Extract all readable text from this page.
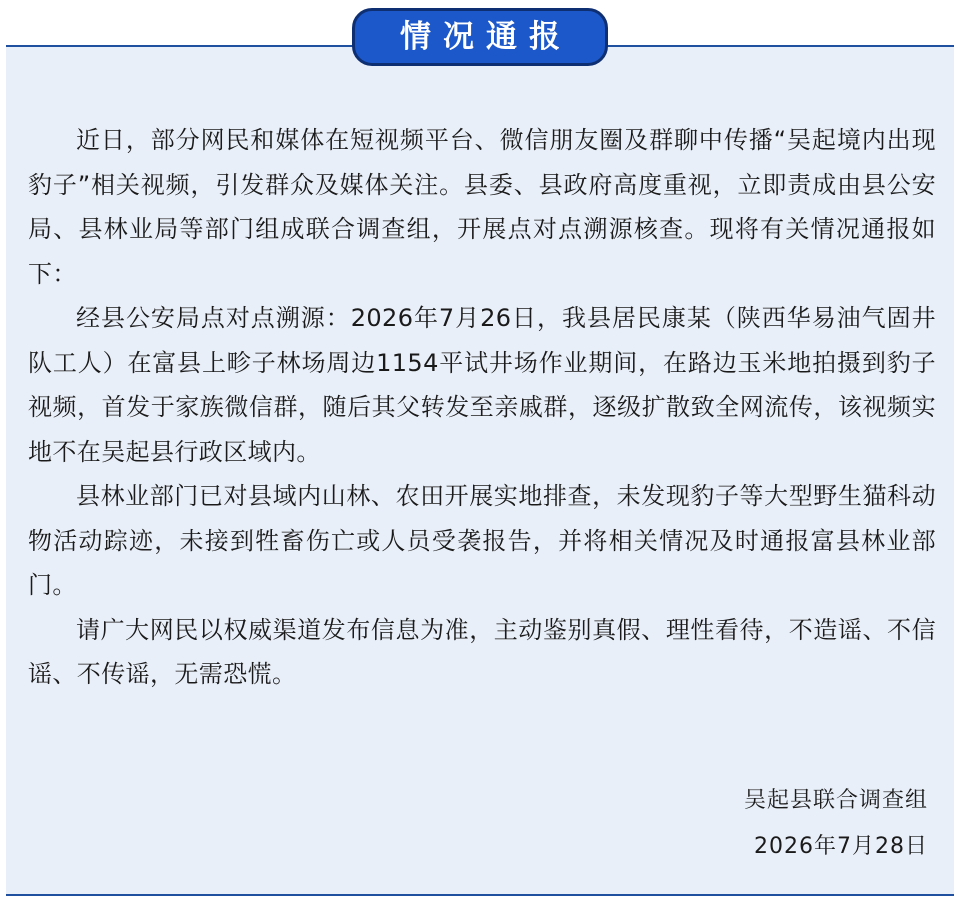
情况通报

近日，部分网民和媒体在短视频平台、微信朋友圈及群聊中传播“吴起境内出现豹子”相关视频，引发群众及媒体关注。县委、县政府高度重视，立即责成由县公安局、县林业局等部门组成联合调查组，开展点对点溯源核查。现将有关情况通报如下：

经县公安局点对点溯源：2026年7月26日，我县居民康某（陕西华易油气固井队工人）在富县上畛子林场周边1154平试井场作业期间，在路边玉米地拍摄到豹子视频，首发于家族微信群，随后其父转发至亲戚群，逐级扩散致全网流传，该视频实地不在吴起县行政区域内。

县林业部门已对县域内山林、农田开展实地排查，未发现豹子等大型野生猫科动物活动踪迹，未接到牲畜伤亡或人员受袭报告，并将相关情况及时通报富县林业部门。

请广大网民以权威渠道发布信息为准，主动鉴别真假、理性看待，不造谣、不信谣、不传谣，无需恐慌。

吴起县联合调查组
2026年7月28日
